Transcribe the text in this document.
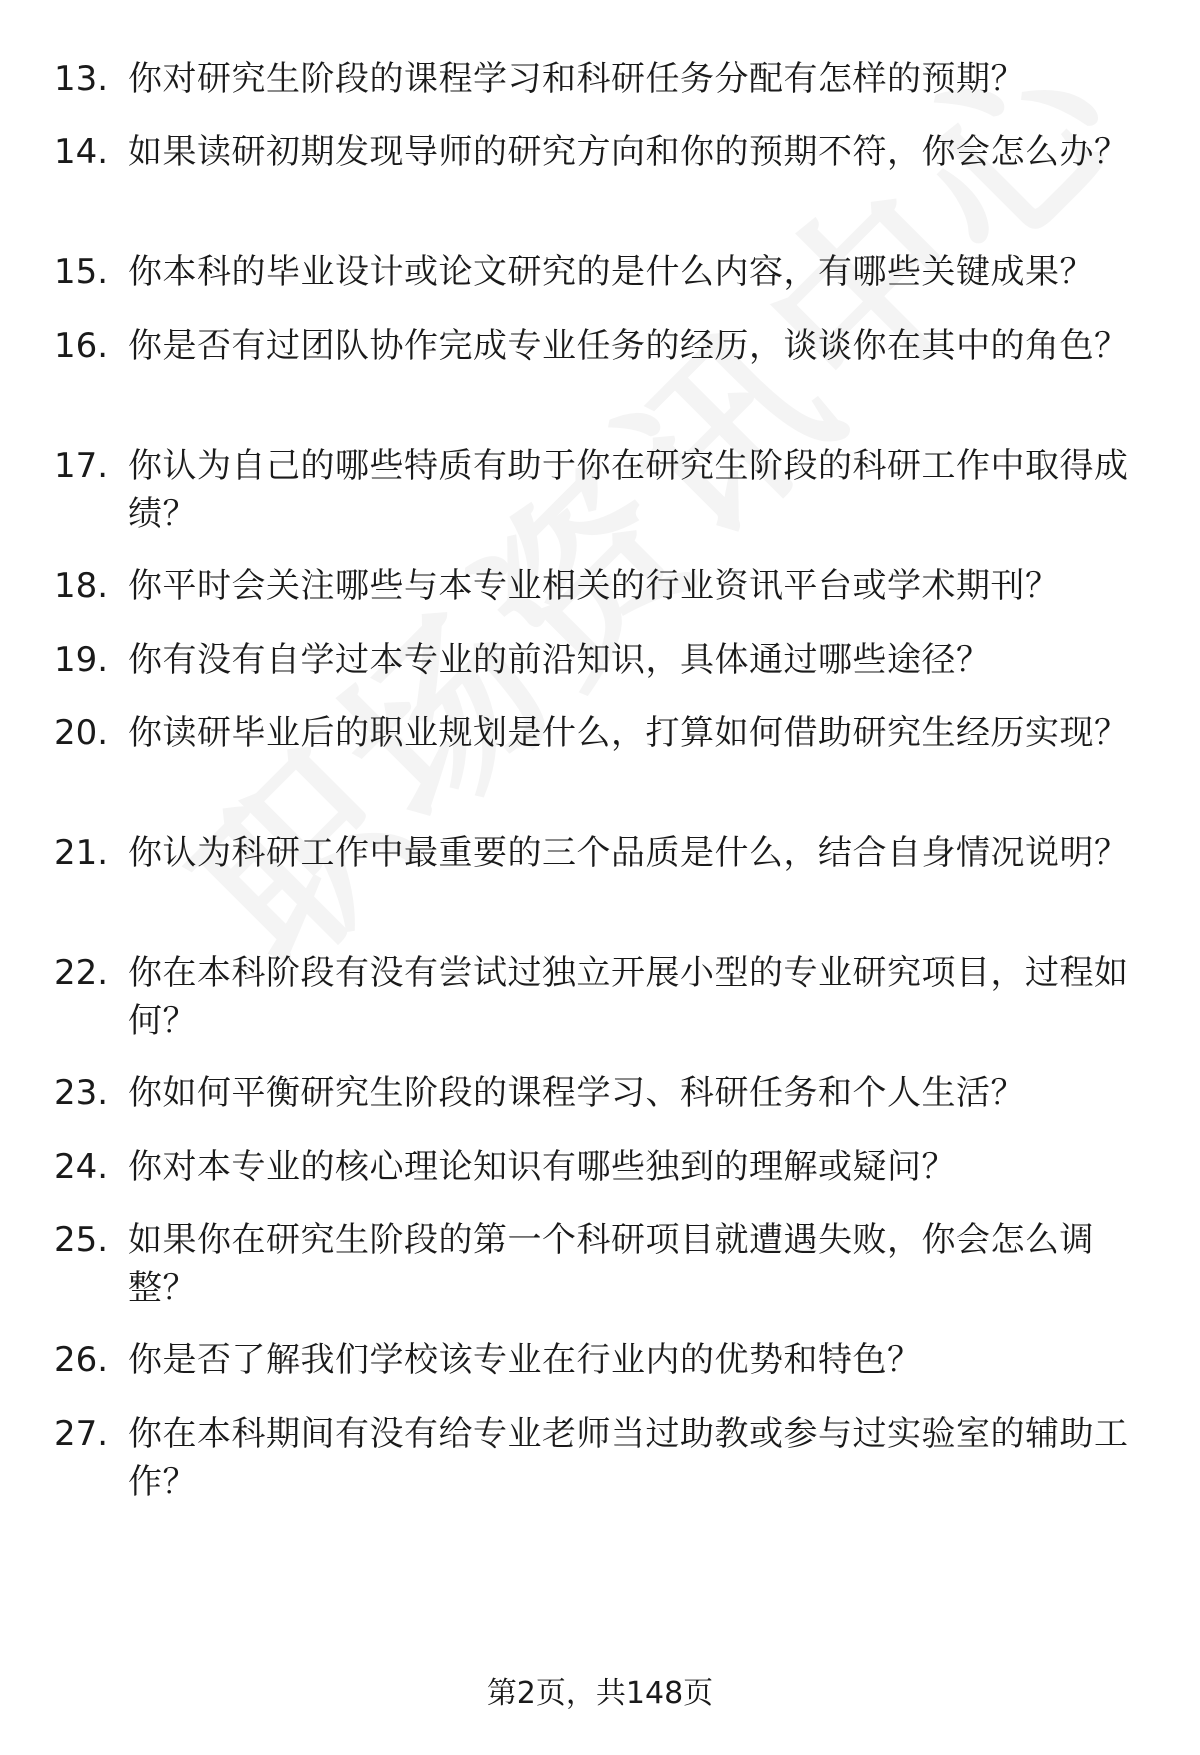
13. 你对研究生阶段的课程学习和科研任务分配有怎样的预期？
14. 如果读研初期发现导师的研究方向和你的预期不符，你会怎么办？
15. 你本科的毕业设计或论文研究的是什么内容，有哪些关键成果？
16. 你是否有过团队协作完成专业任务的经历，谈谈你在其中的角色？
17. 你认为自己的哪些特质有助于你在研究生阶段的科研工作中取得成绩？
18. 你平时会关注哪些与本专业相关的行业资讯平台或学术期刊？
19. 你有没有自学过本专业的前沿知识，具体通过哪些途径？
20. 你读研毕业后的职业规划是什么，打算如何借助研究生经历实现？
21. 你认为科研工作中最重要的三个品质是什么，结合自身情况说明？
22. 你在本科阶段有没有尝试过独立开展小型的专业研究项目，过程如何？
23. 你如何平衡研究生阶段的课程学习、科研任务和个人生活？
24. 你对本专业的核心理论知识有哪些独到的理解或疑问？
25. 如果你在研究生阶段的第一个科研项目就遭遇失败，你会怎么调整？
26. 你是否了解我们学校该专业在行业内的优势和特色？
27. 你在本科期间有没有给专业老师当过助教或参与过实验室的辅助工作？
第2页，共148页
